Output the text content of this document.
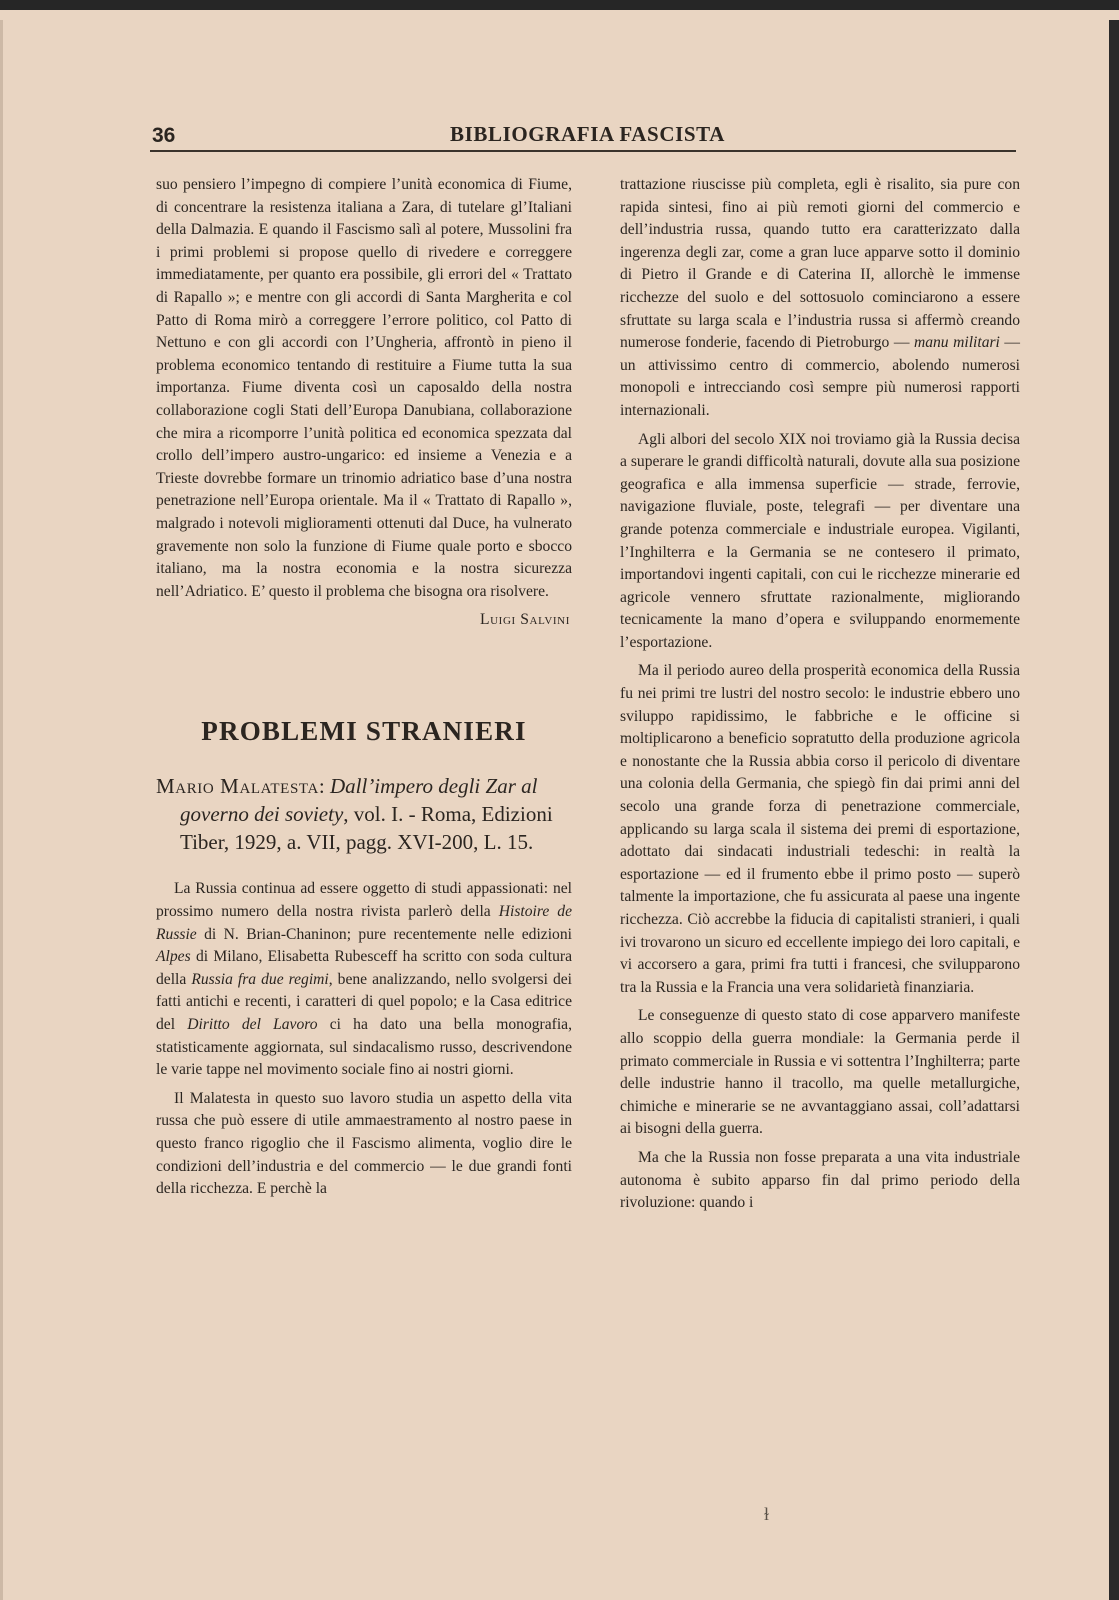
36	BIBLIOGRAFIA FASCISTA

suo pensiero l’impegno di compiere l’unità economica di Fiume, di concentrare la resistenza italiana a Zara, di tutelare gl’Italiani della Dalmazia. E quando il Fascismo salì al potere, Mussolini fra i primi problemi si propose quello di rivedere e correggere immediatamente, per quanto era possibile, gli errori del « Trattato di Rapallo »; e mentre con gli accordi di Santa Margherita e col Patto di Roma mirò a correggere l’errore politico, col Patto di Nettuno e con gli accordi con l’Ungheria, affrontò in pieno il problema economico tentando di restituire a Fiume tutta la sua importanza. Fiume diventa così un caposaldo della nostra collaborazione cogli Stati dell’Europa Danubiana, collaborazione che mira a ricomporre l’unità politica ed economica spezzata dal crollo dell’impero austro-ungarico: ed insieme a Venezia e a Trieste dovrebbe formare un trinomio adriatico base d’una nostra penetrazione nell’Europa orientale. Ma il « Trattato di Rapallo », malgrado i notevoli miglioramenti ottenuti dal Duce, ha vulnerato gravemente non solo la funzione di Fiume quale porto e sbocco italiano, ma la nostra economia e la nostra sicurezza nell’Adriatico. E’ questo il problema che bisogna ora risolvere.

Luigi Salvini
PROBLEMI STRANIERI
Mario Malatesta: Dall’impero degli Zar al governo dei soviety, vol. I. - Roma, Edizioni Tiber, 1929, a. VII, pagg. XVI-200, L. 15.

La Russia continua ad essere oggetto di studi appassionati: nel prossimo numero della nostra rivista parlerò della Histoire de Russie di N. Brian-Chaninon; pure recentemente nelle edizioni Alpes di Milano, Elisabetta Rubesceff ha scritto con soda cultura della Russia fra due regimi, bene analizzando, nello svolgersi dei fatti antichi e recenti, i caratteri di quel popolo; e la Casa editrice del Diritto del Lavoro ci ha dato una bella monografia, statisticamente aggiornata, sul sindacalismo russo, descrivendone le varie tappe nel movimento sociale fino ai nostri giorni.

Il Malatesta in questo suo lavoro studia un aspetto della vita russa che può essere di utile ammaestramento al nostro paese in questo franco rigoglio che il Fascismo alimenta, voglio dire le condizioni dell’industria e del commercio — le due grandi fonti della ricchezza. E perchè la

trattazione riuscisse più completa, egli è risalito, sia pure con rapida sintesi, fino ai più remoti giorni del commercio e dell’industria russa, quando tutto era caratterizzato dalla ingerenza degli zar, come a gran luce apparve sotto il dominio di Pietro il Grande e di Caterina II, allorchè le immense ricchezze del suolo e del sottosuolo cominciarono a essere sfruttate su larga scala e l’industria russa si affermò creando numerose fonderie, facendo di Pietroburgo — manu militari — un attivissimo centro di commercio, abolendo numerosi monopoli e intrecciando così sempre più numerosi rapporti internazionali.

Agli albori del secolo XIX noi troviamo già la Russia decisa a superare le grandi difficoltà naturali, dovute alla sua posizione geografica e alla immensa superficie — strade, ferrovie, navigazione fluviale, poste, telegrafi — per diventare una grande potenza commerciale e industriale europea. Vigilanti, l’Inghilterra e la Germania se ne contesero il primato, importandovi ingenti capitali, con cui le ricchezze minerarie ed agricole vennero sfruttate razionalmente, migliorando tecnicamente la mano d’opera e sviluppando enormemente l’esportazione.

Ma il periodo aureo della prosperità economica della Russia fu nei primi tre lustri del nostro secolo: le industrie ebbero uno sviluppo rapidissimo, le fabbriche e le officine si moltiplicarono a beneficio sopratutto della produzione agricola e nonostante che la Russia abbia corso il pericolo di diventare una colonia della Germania, che spiegò fin dai primi anni del secolo una grande forza di penetrazione commerciale, applicando su larga scala il sistema dei premi di esportazione, adottato dai sindacati industriali tedeschi: in realtà la esportazione — ed il frumento ebbe il primo posto — superò talmente la importazione, che fu assicurata al paese una ingente ricchezza. Ciò accrebbe la fiducia di capitalisti stranieri, i quali ivi trovarono un sicuro ed eccellente impiego dei loro capitali, e vi accorsero a gara, primi fra tutti i francesi, che svilupparono tra la Russia e la Francia una vera solidarietà finanziaria.

Le conseguenze di questo stato di cose apparvero manifeste allo scoppio della guerra mondiale: la Germania perde il primato commerciale in Russia e vi sottentra l’Inghilterra; parte delle industrie hanno il tracollo, ma quelle metallurgiche, chimiche e minerarie se ne avvantaggiano assai, coll’adattarsi ai bisogni della guerra.

Ma che la Russia non fosse preparata a una vita industriale autonoma è subito apparso fin dal primo periodo della rivoluzione: quando i

ɫ
